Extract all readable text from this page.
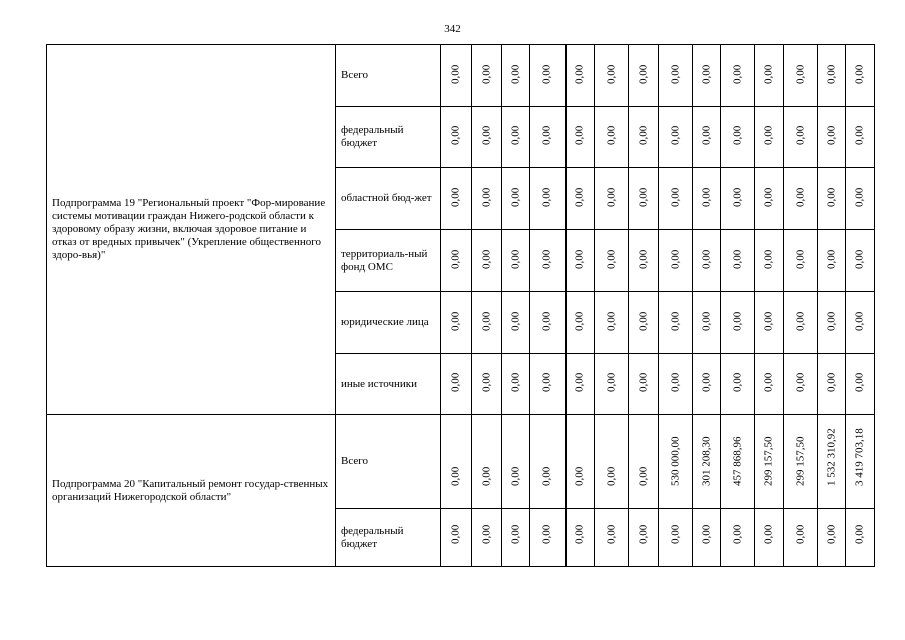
342
Подпрограмма 19 "Региональный проект "Фор-мирование системы мотивации граждан Нижего-родской области к здоровому образу жизни, включая здоровое питание и отказ от вредных привычек" (Укрепление общественного здоро-вья)"	Всего	0,00	0,00	0,00	0,00	0,00	0,00	0,00	0,00	0,00	0,00	0,00	0,00	0,00	0,00

	федеральный бюджет	0,00	0,00	0,00	0,00	0,00	0,00	0,00	0,00	0,00	0,00	0,00	0,00	0,00	0,00

	областной бюд-жет	0,00	0,00	0,00	0,00	0,00	0,00	0,00	0,00	0,00	0,00	0,00	0,00	0,00	0,00

	территориаль-ный фонд ОМС	0,00	0,00	0,00	0,00	0,00	0,00	0,00	0,00	0,00	0,00	0,00	0,00	0,00	0,00

	юридические лица	0,00	0,00	0,00	0,00	0,00	0,00	0,00	0,00	0,00	0,00	0,00	0,00	0,00	0,00

	иные источники	0,00	0,00	0,00	0,00	0,00	0,00	0,00	0,00	0,00	0,00	0,00	0,00	0,00	0,00

Подпрограмма 20 "Капитальный ремонт государ-ственных организаций Нижегородской области"	Всего	0,00	0,00	0,00	0,00	0,00	0,00	0,00	530 000,00	301 208,30	457 868,96	299 157,50	299 157,50	1 532 310,92	3 419 703,18

	федеральный бюджет	0,00	0,00	0,00	0,00	0,00	0,00	0,00	0,00	0,00	0,00	0,00	0,00	0,00	0,00
